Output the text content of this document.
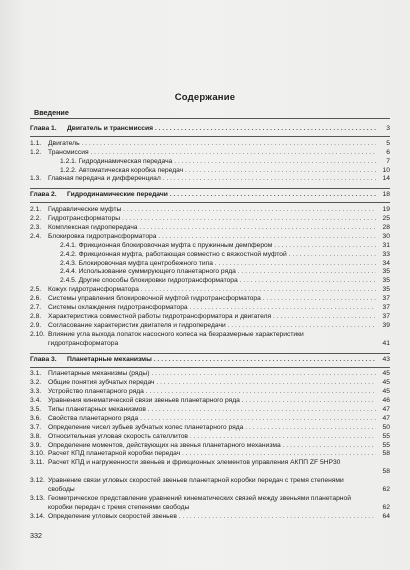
Содержание
Введение
Глава 1. Двигатель и трансмиссия . . .	3
1.1. Двигатель . . .	5
1.2. Трансмиссия . . .	6
1.2.1. Гидродинамическая передача . . .	7
1.2.2. Автоматическая коробка передач . . .	10
1.3. Главная передача и дифференциал . . .	14
Глава 2. Гидродинамические передачи . . .	18
2.1. Гидравлические муфты . . .	19
2.2. Гидротрансформаторы . . .	25
2.3. Комплексная гидропередача . . .	28
2.4. Блокировка гидротрансформатора . . .	30
2.4.1. Фрикционная блокировочная муфта с пружинным демпфером . . .	31
2.4.2. Фрикционная муфта, работающая совместно с вязкостной муфтой . . .	33
2.4.3. Блокировочная муфта центробежного типа . . .	34
2.4.4. Использование суммирующего планетарного ряда . . .	35
2.4.5. Другие способы блокировки гидротрансформатора . . .	35
2.5. Кожух гидротрансформатора . . .	35
2.6. Системы управления блокировочной муфтой гидротрансформатора . . .	37
2.7. Системы охлаждения гидротрансформатора . . .	37
2.8. Характеристика совместной работы гидротрансформатора и двигателя . . .	37
2.9. Согласование характеристик двигателя и гидропередачи . . .	39
2.10. Влияние угла выхода лопаток насосного колеса на безразмерные характеристики гидротрансформатора	41
Глава 3. Планетарные механизмы . . .	43
3.1. Планетарные механизмы (ряды) . . .	45
3.2. Общие понятия зубчатых передач . . .	45
3.3. Устройство планетарного ряда . . .	45
3.4. Уравнения кинематической связи звеньев планетарного ряда . . .	46
3.5. Типы планетарных механизмов . . .	47
3.6. Свойства планетарного ряда . . .	47
3.7. Определение чисел зубьев зубчатых колес планетарного ряда . . .	50
3.8. Относительная угловая скорость сателлитов . . .	55
3.9. Определение моментов, действующих на звенья планетарного механизма . . .	55
3.10. Расчет КПД планетарной коробки передач . . .	58
3.11. Расчет КПД и нагруженности звеньев и фрикционных элементов управления АКПП ZF 5HP30
58
3.12. Уравнение связи угловых скоростей звеньев планетарной коробки передач с тремя степенями свободы	62
3.13. Геометрическое представление уравнений кинематических связей между звеньями планетарной коробки передач с тремя степенями свободы	62
3.14. Определение угловых скоростей звеньев . . .	64
332
